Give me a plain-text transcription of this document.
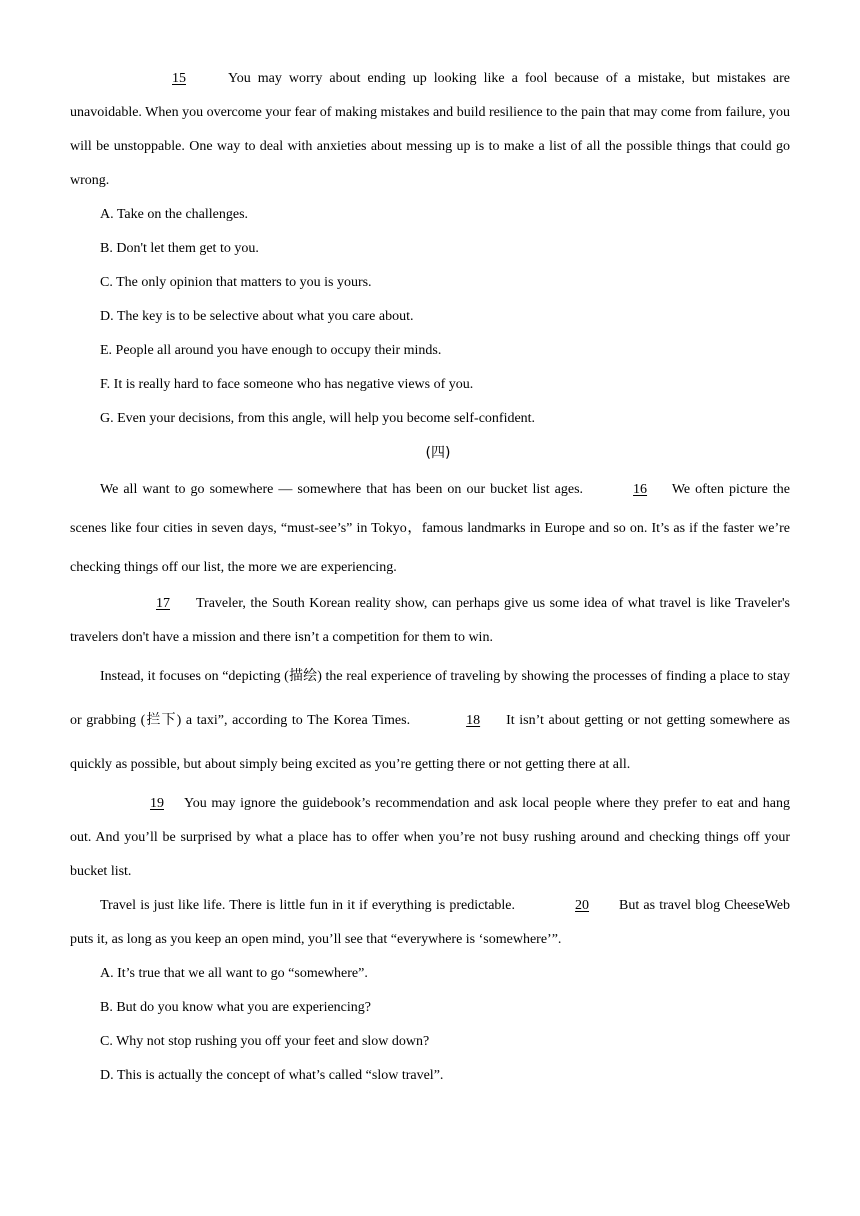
15	You may worry about ending up looking like a fool because of a mistake, but mistakes are unavoidable. When you overcome your fear of making mistakes and build resilience to the pain that may come from failure, you will be unstoppable. One way to deal with anxieties about messing up is to make a list of all the possible things that could go wrong.

A. Take on the challenges.

B. Don't let them get to you.

C. The only opinion that matters to you is yours.

D. The key is to be selective about what you care about.

E. People all around you have enough to occupy their minds.

F. It is really hard to face someone who has negative views of you.

G. Even your decisions, from this angle, will help you become self-confident.

(四)

We all want to go somewhere — somewhere that has been on our bucket list ages.	16 We often picture the scenes like four cities in seven days, “must-see’s” in Tokyo，famous landmarks in Europe and so on. It’s as if the faster we’re checking things off our list, the more we are experiencing.

17 Traveler, the South Korean reality show, can perhaps give us some idea of what travel is like Traveler's travelers don't have a mission and there isn’t a competition for them to win.

Instead, it focuses on “depicting (描绘) the real experience of traveling by showing the processes of finding a place to stay or grabbing (拦下) a taxi”, according to The Korea Times.	18 It isn’t about getting or not getting somewhere as quickly as possible, but about simply being excited as you’re getting there or not getting there at all.

19 You may ignore the guidebook’s recommendation and ask local people where they prefer to eat and hang out. And you’ll be surprised by what a place has to offer when you’re not busy rushing around and checking things off your bucket list.

Travel is just like life. There is little fun in it if everything is predictable.	20 But as travel blog CheeseWeb puts it, as long as you keep an open mind, you’ll see that “everywhere is ‘somewhere’”.

A. It’s true that we all want to go “somewhere”.

B. But do you know what you are experiencing?

C. Why not stop rushing you off your feet and slow down?

D. This is actually the concept of what’s called “slow travel”.
